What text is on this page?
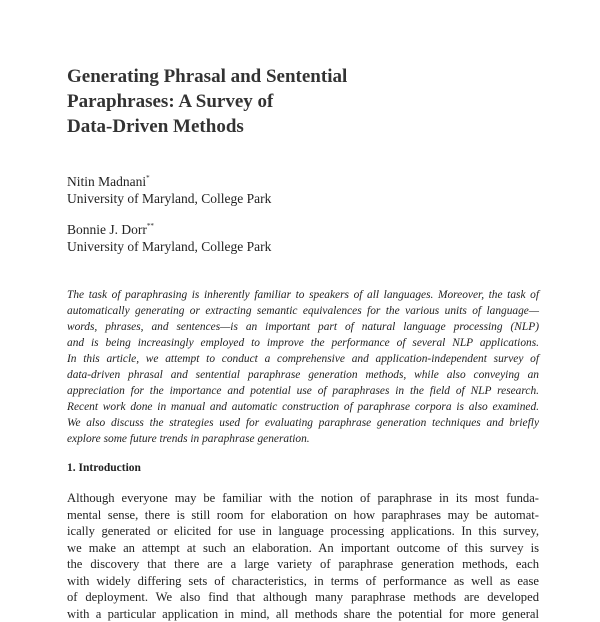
Generating Phrasal and Sentential
Paraphrases: A Survey of
Data-Driven Methods
Nitin Madnani*
University of Maryland, College Park
Bonnie J. Dorr**
University of Maryland, College Park
The task of paraphrasing is inherently familiar to speakers of all languages. Moreover, the task of
automatically generating or extracting semantic equivalences for the various units of language—
words, phrases, and sentences—is an important part of natural language processing (NLP)
and is being increasingly employed to improve the performance of several NLP applications.
In this article, we attempt to conduct a comprehensive and application-independent survey of
data-driven phrasal and sentential paraphrase generation methods, while also conveying an
appreciation for the importance and potential use of paraphrases in the field of NLP research.
Recent work done in manual and automatic construction of paraphrase corpora is also examined.
We also discuss the strategies used for evaluating paraphrase generation techniques and briefly
explore some future trends in paraphrase generation.
1. Introduction
Although everyone may be familiar with the notion of paraphrase in its most funda-
mental sense, there is still room for elaboration on how paraphrases may be automat-
ically generated or elicited for use in language processing applications. In this survey,
we make an attempt at such an elaboration. An important outcome of this survey is
the discovery that there are a large variety of paraphrase generation methods, each
with widely differing sets of characteristics, in terms of performance as well as ease
of deployment. We also find that although many paraphrase methods are developed
with a particular application in mind, all methods share the potential for more general
